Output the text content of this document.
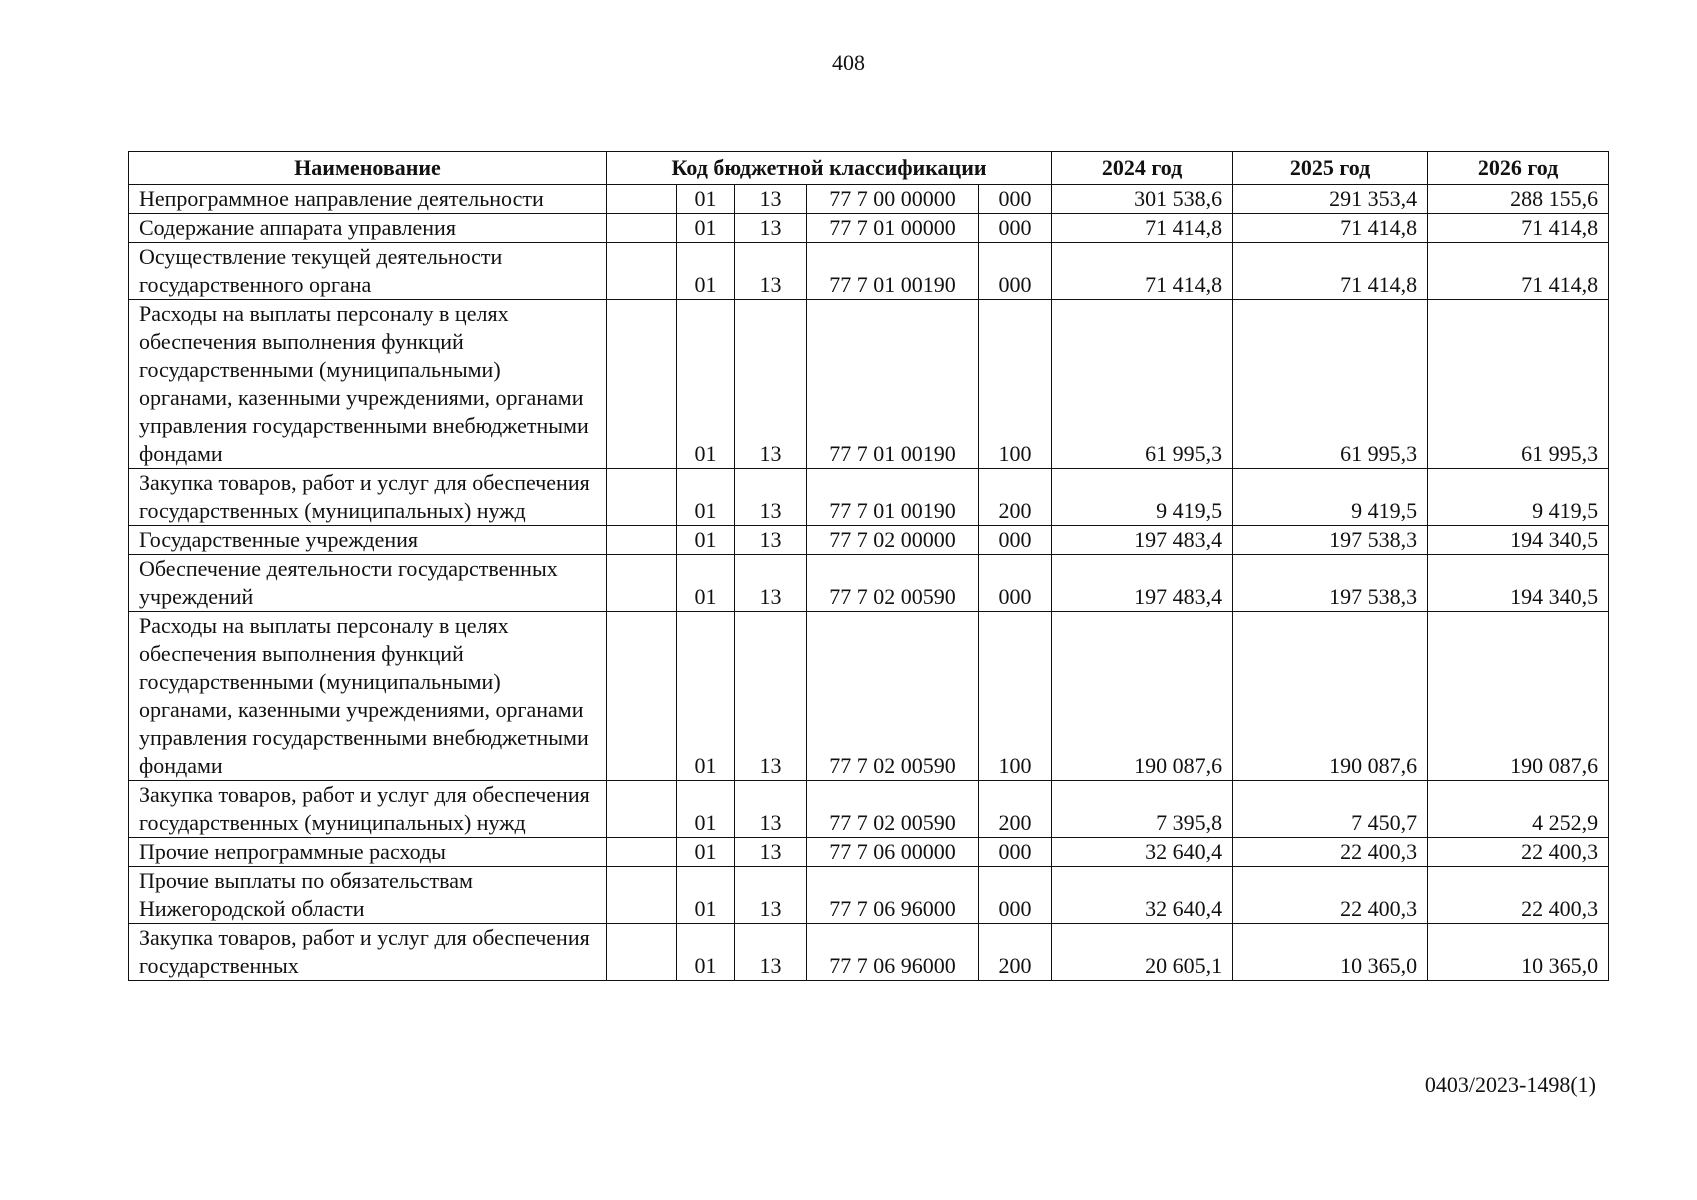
408
Наименование	Код бюджетной классификации					2024 год	2025 год	2026 год
Непрограммное направление деятельности		01	13	77 7 00 00000	000	301 538,6	291 353,4	288 155,6
Содержание аппарата управления		01	13	77 7 01 00000	000	71 414,8	71 414,8	71 414,8
Осуществление текущей деятельности государственного органа		01	13	77 7 01 00190	000	71 414,8	71 414,8	71 414,8
Расходы на выплаты персоналу в целях обеспечения выполнения функций государственными (муниципальными) органами, казенными учреждениями, органами управления государственными внебюджетными фондами		01	13	77 7 01 00190	100	61 995,3	61 995,3	61 995,3
Закупка товаров, работ и услуг для обеспечения государственных (муниципальных) нужд		01	13	77 7 01 00190	200	9 419,5	9 419,5	9 419,5
Государственные учреждения		01	13	77 7 02 00000	000	197 483,4	197 538,3	194 340,5
Обеспечение деятельности государственных учреждений		01	13	77 7 02 00590	000	197 483,4	197 538,3	194 340,5
Расходы на выплаты персоналу в целях обеспечения выполнения функций государственными (муниципальными) органами, казенными учреждениями, органами управления государственными внебюджетными фондами		01	13	77 7 02 00590	100	190 087,6	190 087,6	190 087,6
Закупка товаров, работ и услуг для обеспечения государственных (муниципальных) нужд		01	13	77 7 02 00590	200	7 395,8	7 450,7	4 252,9
Прочие непрограммные расходы		01	13	77 7 06 00000	000	32 640,4	22 400,3	22 400,3
Прочие выплаты по обязательствам Нижегородской области		01	13	77 7 06 96000	000	32 640,4	22 400,3	22 400,3
Закупка товаров, работ и услуг для обеспечения государственных		01	13	77 7 06 96000	200	20 605,1	10 365,0	10 365,0
0403/2023-1498(1)
